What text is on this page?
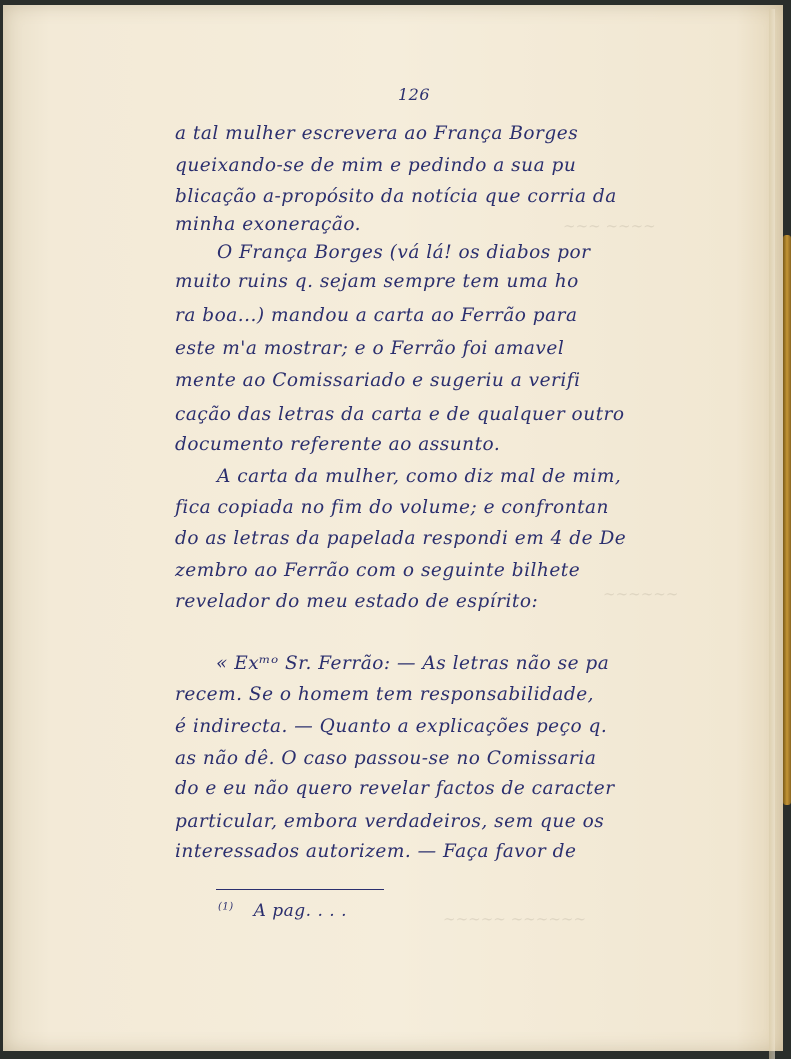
∼∼∼ ∼∼∼∼
∼∼∼∼∼∼
∼∼∼∼∼ ∼∼∼∼∼∼
126
a tal mulher escrevera ao França Borges
queixando-se de mim e pedindo a sua pu
blicação a-propósito da notícia que corria da
minha exoneração.
O França Borges (vá lá! os diabos por
muito ruins q. sejam sempre tem uma ho
ra boa...) mandou a carta ao Ferrão para
este m'a mostrar; e o Ferrão foi amavel
mente ao Comissariado e sugeriu a verifi
cação das letras da carta e de qualquer outro
documento referente ao assunto.
A carta da mulher, como diz mal de mim,
fica copiada no fim do volume; e confrontan
do as letras da papelada respondi em 4 de De
zembro ao Ferrão com o seguinte bilhete
revelador do meu estado de espírito:
« Exᵐᵒ Sr. Ferrão: — As letras não se pa
recem. Se o homem tem responsabilidade,
é indirecta. — Quanto a explicações peço q.
as não dê. O caso passou-se no Comissaria
do e eu não quero revelar factos de caracter
particular, embora verdadeiros, sem que os
interessados autorizem. — Faça favor de
$^{(1)}$ A pag. . . .
